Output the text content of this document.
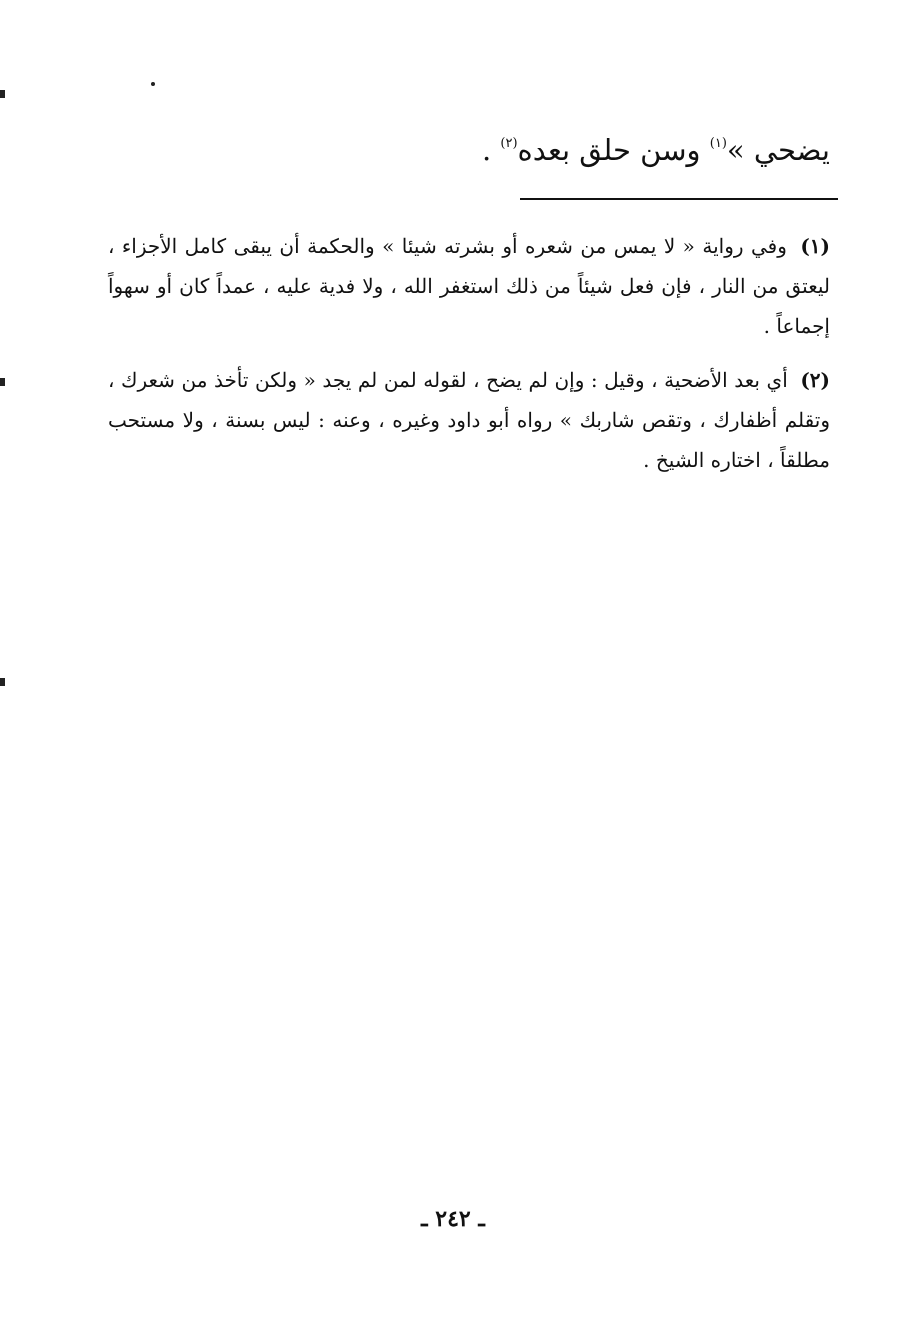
يضحي »$^{(١)}$ وسن حلق بعده$^{(٢)}$ .

(١) وفي رواية « لا يمس من شعره أو بشرته شيئا » والحكمة أن يبقى كامل الأجزاء ، ليعتق من النار ، فإن فعل شيئاً من ذلك استغفر الله ، ولا فدية عليه ، عمداً كان أو سهواً إجماعاً .

(٢) أي بعد الأضحية ، وقيل : وإن لم يضح ، لقوله لمن لم يجد « ولكن تأخذ من شعرك ، وتقلم أظفارك ، وتقص شاربك » رواه أبو داود وغيره ، وعنه : ليس بسنة ، ولا مستحب مطلقاً ، اختاره الشيخ .

ـ ٢٤٢ ـ
